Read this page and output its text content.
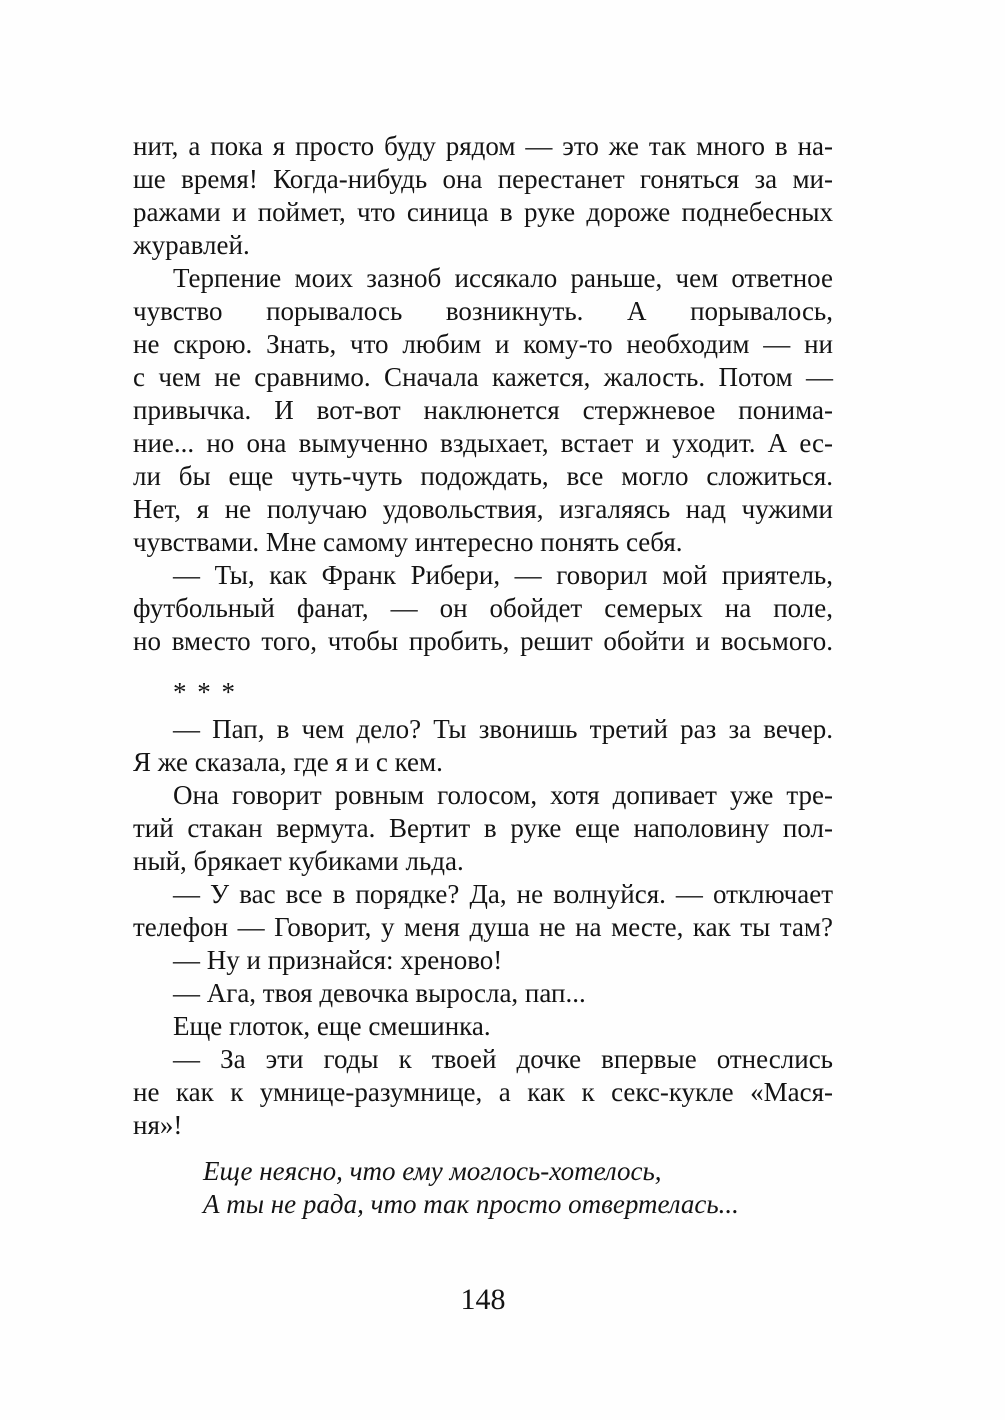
нит, а пока я просто буду рядом — это же так много в на-
ше время! Когда-нибудь она перестанет гоняться за ми-
ражами и поймет, что синица в руке дороже поднебесных
журавлей.
Терпение моих зазноб иссякало раньше, чем ответное
чувство порывалось возникнуть. А порывалось,
не скрою. Знать, что любим и кому-то необходим — ни
с чем не сравнимо. Сначала кажется, жалость. Потом —
привычка. И вот-вот наклюнется стержневое понима-
ние... но она вымученно вздыхает, встает и уходит. А ес-
ли бы еще чуть-чуть подождать, все могло сложиться.
Нет, я не получаю удовольствия, изгаляясь над чужими
чувствами. Мне самому интересно понять себя.
— Ты, как Франк Рибери, — говорил мой приятель,
футбольный фанат, — он обойдет семерых на поле,
но вместо того, чтобы пробить, решит обойти и восьмого.
* * *
— Пап, в чем дело? Ты звонишь третий раз за вечер.
Я же сказала, где я и с кем.
Она говорит ровным голосом, хотя допивает уже тре-
тий стакан вермута. Вертит в руке еще наполовину пол-
ный, брякает кубиками льда.
— У вас все в порядке? Да, не волнуйся. — отключает
телефон — Говорит, у меня душа не на месте, как ты там?
— Ну и признайся: хреново!
— Ага, твоя девочка выросла, пап...
Еще глоток, еще смешинка.
— За эти годы к твоей дочке впервые отнеслись
не как к умнице-разумнице, а как к секс-кукле «Мася-
ня»!
Еще неясно, что ему моглось-хотелось,
А ты не рада, что так просто отвертелась...
148
